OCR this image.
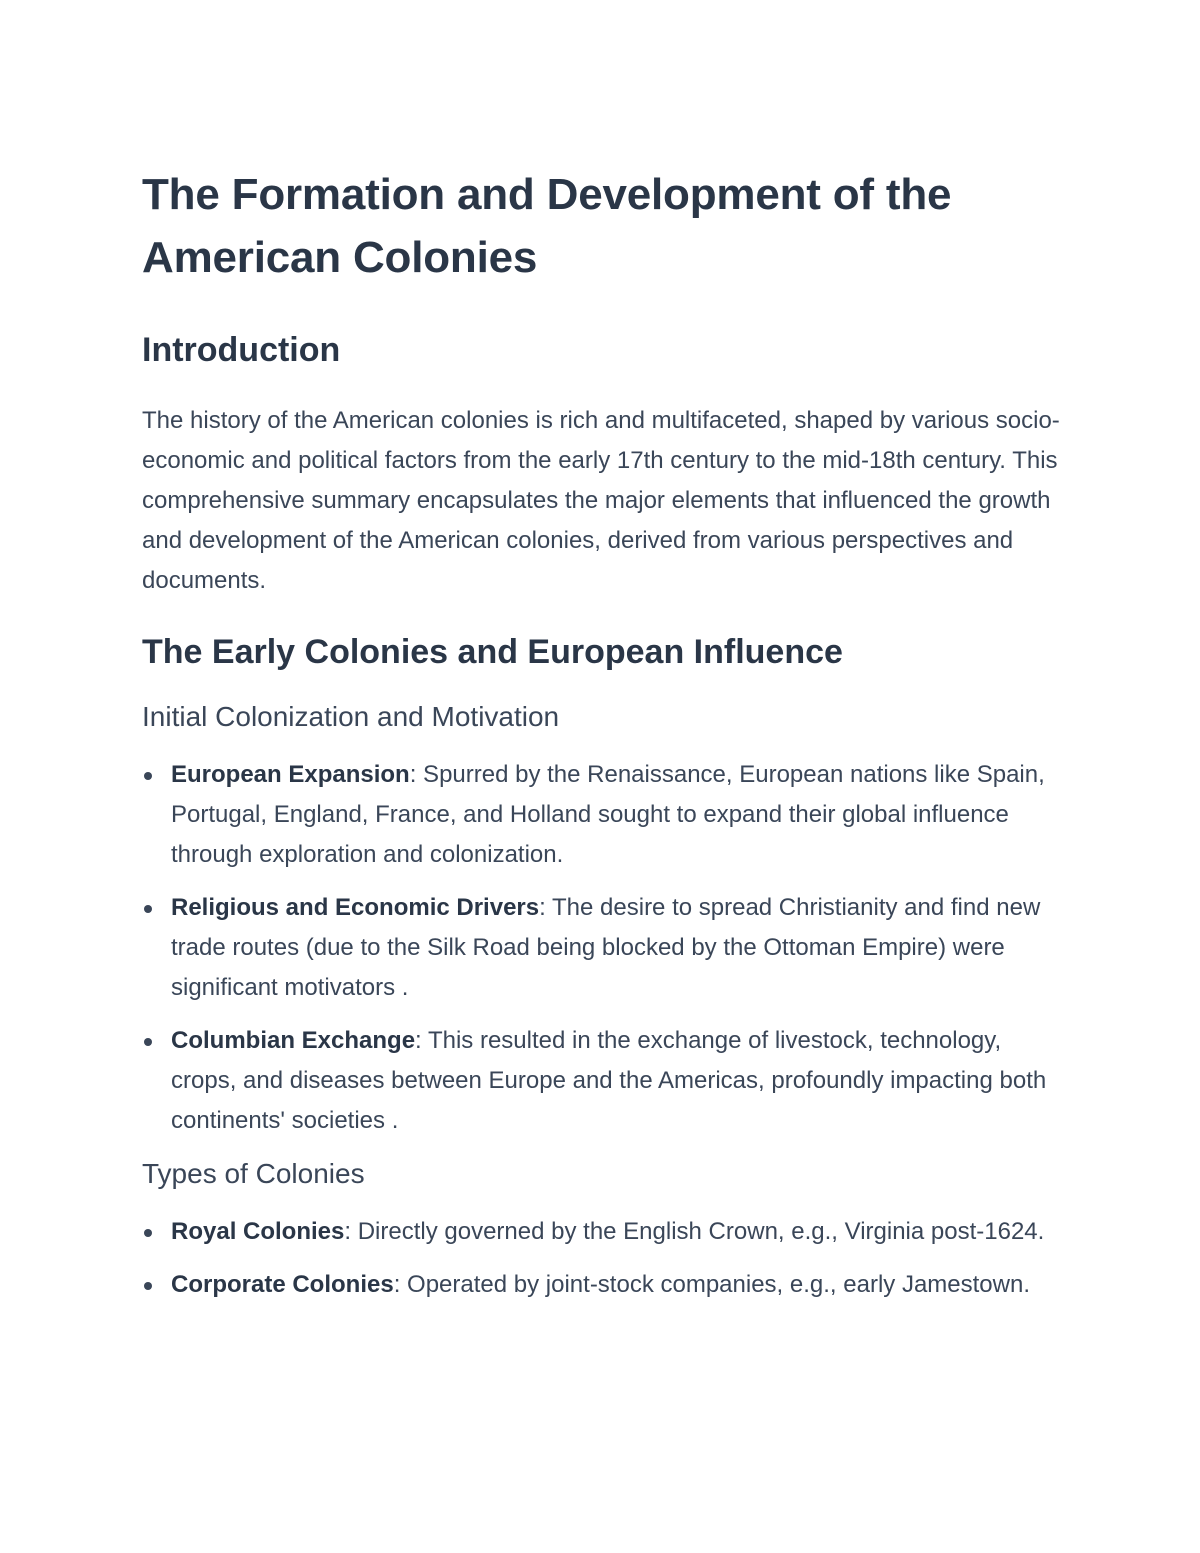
The Formation and Development of the American Colonies
Introduction

The history of the American colonies is rich and multifaceted, shaped by various socio-economic and political factors from the early 17th century to the mid-18th century. This comprehensive summary encapsulates the major elements that influenced the growth and development of the American colonies, derived from various perspectives and documents.

The Early Colonies and European Influence
Initial Colonization and Motivation
European Expansion: Spurred by the Renaissance, European nations like Spain, Portugal, England, France, and Holland sought to expand their global influence through exploration and colonization.
Religious and Economic Drivers: The desire to spread Christianity and find new trade routes (due to the Silk Road being blocked by the Ottoman Empire) were significant motivators .
Columbian Exchange: This resulted in the exchange of livestock, technology, crops, and diseases between Europe and the Americas, profoundly impacting both continents' societies .
Types of Colonies
Royal Colonies: Directly governed by the English Crown, e.g., Virginia post-1624.
Corporate Colonies: Operated by joint-stock companies, e.g., early Jamestown.
